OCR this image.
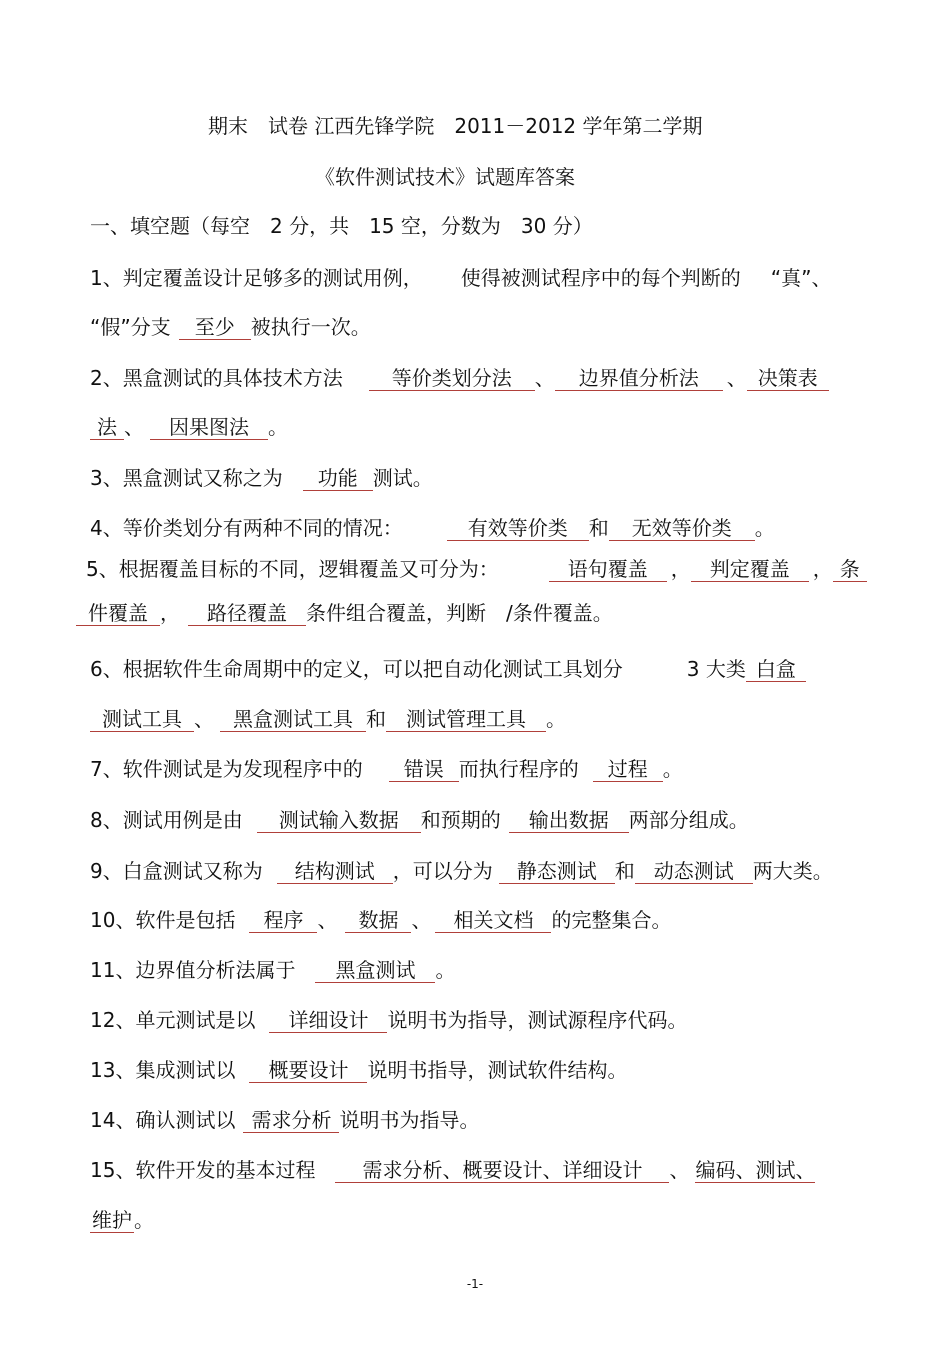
期末　试卷 江西先锋学院　2011－2012 学年第二学期
《软件测试技术》试题库答案
一、填空题（每空　2 分，共　15 空，分数为　30 分）
1、判定覆盖设计足够多的测试用例， 使得被测试程序中的每个判断的 “真”、
“假”分支 至少 被执行一次。
2、黑盒测试的具体技术方法 等价类划分法 、 边界值分析法 、 决策表
法 、 因果图法 。
3、黑盒测试又称之为 功能 测试。
4、等价类划分有两种不同的情况：	有效等价类 和 无效等价类 。
5、根据覆盖目标的不同，逻辑覆盖又可分为：	语句覆盖 ， 判定覆盖 ， 条
件覆盖 ， 路径覆盖 条件组合覆盖，判断　/条件覆盖。
6、根据软件生命周期中的定义，可以把自动化测试工具划分	3 大类 白盒
测试工具 、 黑盒测试工具 和 测试管理工具 。
7、软件测试是为发现程序中的 错误 而执行程序的 过程 。
8、测试用例是由 测试输入数据 和预期的 输出数据 两部分组成。
9、白盒测试又称为 结构测试 ，可以分为 静态测试 和 动态测试 两大类。
10、软件是包括 程序 、 数据 、 相关文档 的完整集合。
11、边界值分析法属于 黑盒测试 。
12、单元测试是以 详细设计 说明书为指导，测试源程序代码。
13、集成测试以 概要设计 说明书指导，测试软件结构。
14、确认测试以 需求分析 说明书为指导。
15、软件开发的基本过程 需求分析、概要设计、详细设计 、 编码、测试、
维护 。
-1-
